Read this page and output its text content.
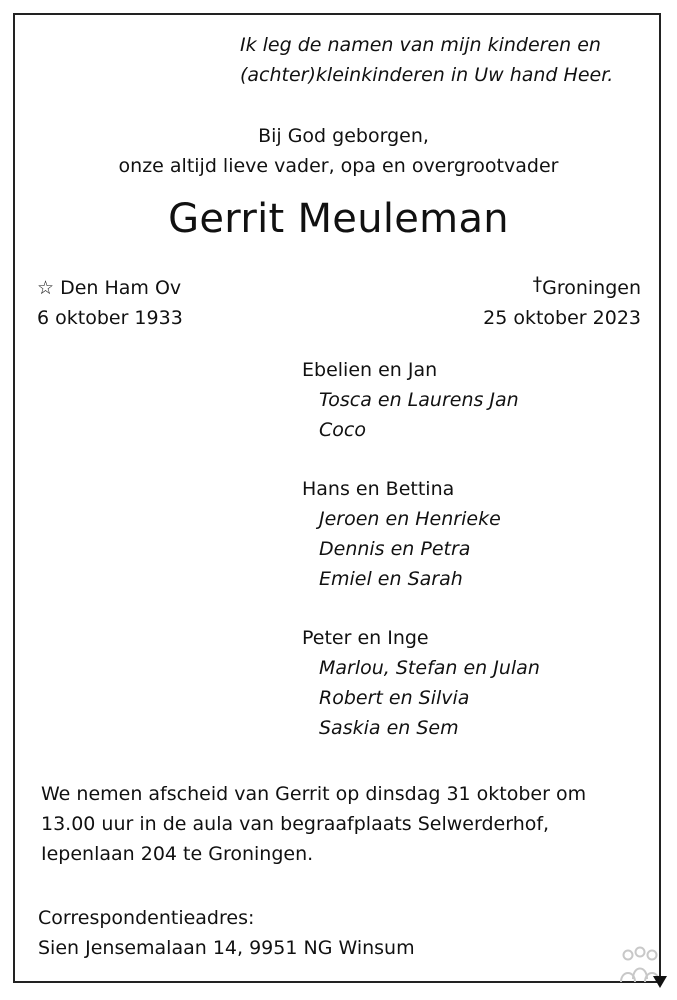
Ik leg de namen van mijn kinderen en
(achter)kleinkinderen in Uw hand Heer.
Bij God geborgen,
onze altijd lieve vader, opa en overgrootvader
Gerrit Meuleman
☆ Den Ham Ov
6 oktober 1933
†Groningen
25 oktober 2023
Ebelien en Jan
Tosca en Laurens Jan
Coco
Hans en Bettina
Jeroen en Henrieke
Dennis en Petra
Emiel en Sarah
Peter en Inge
Marlou, Stefan en Julan
Robert en Silvia
Saskia en Sem
We nemen afscheid van Gerrit op dinsdag 31 oktober om
13.00 uur in de aula van begraafplaats Selwerderhof,
Iepenlaan 204 te Groningen.
Correspondentieadres:
Sien Jensemalaan 14, 9951 NG Winsum
